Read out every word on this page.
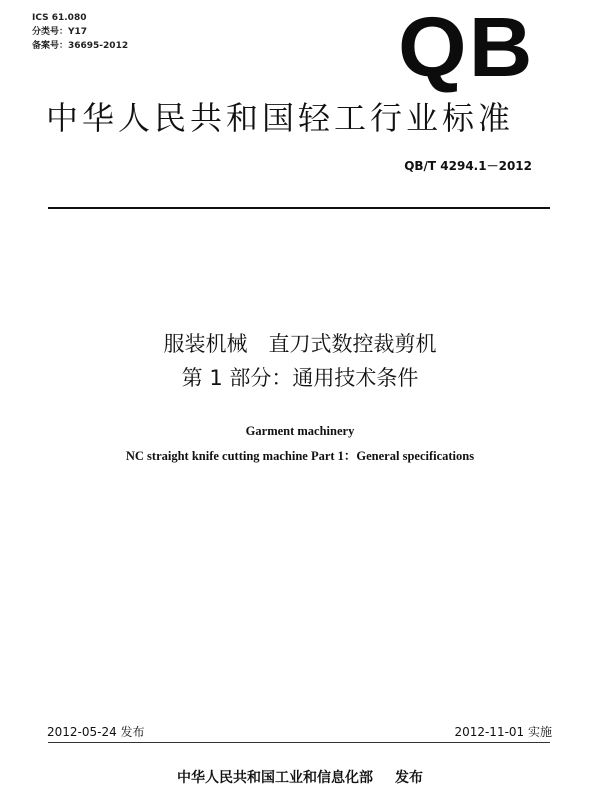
ICS 61.080
分类号：Y17
备案号：36695-2012	QB
中华人民共和国轻工行业标准
QB/T 4294.1－2012
服装机械　直刀式数控裁剪机
第 1 部分：通用技术条件
Garment machinery
NC straight knife cutting machine Part 1：General specifications
2012-05-24 发布	2012-11-01 实施
中华人民共和国工业和信息化部 发布
